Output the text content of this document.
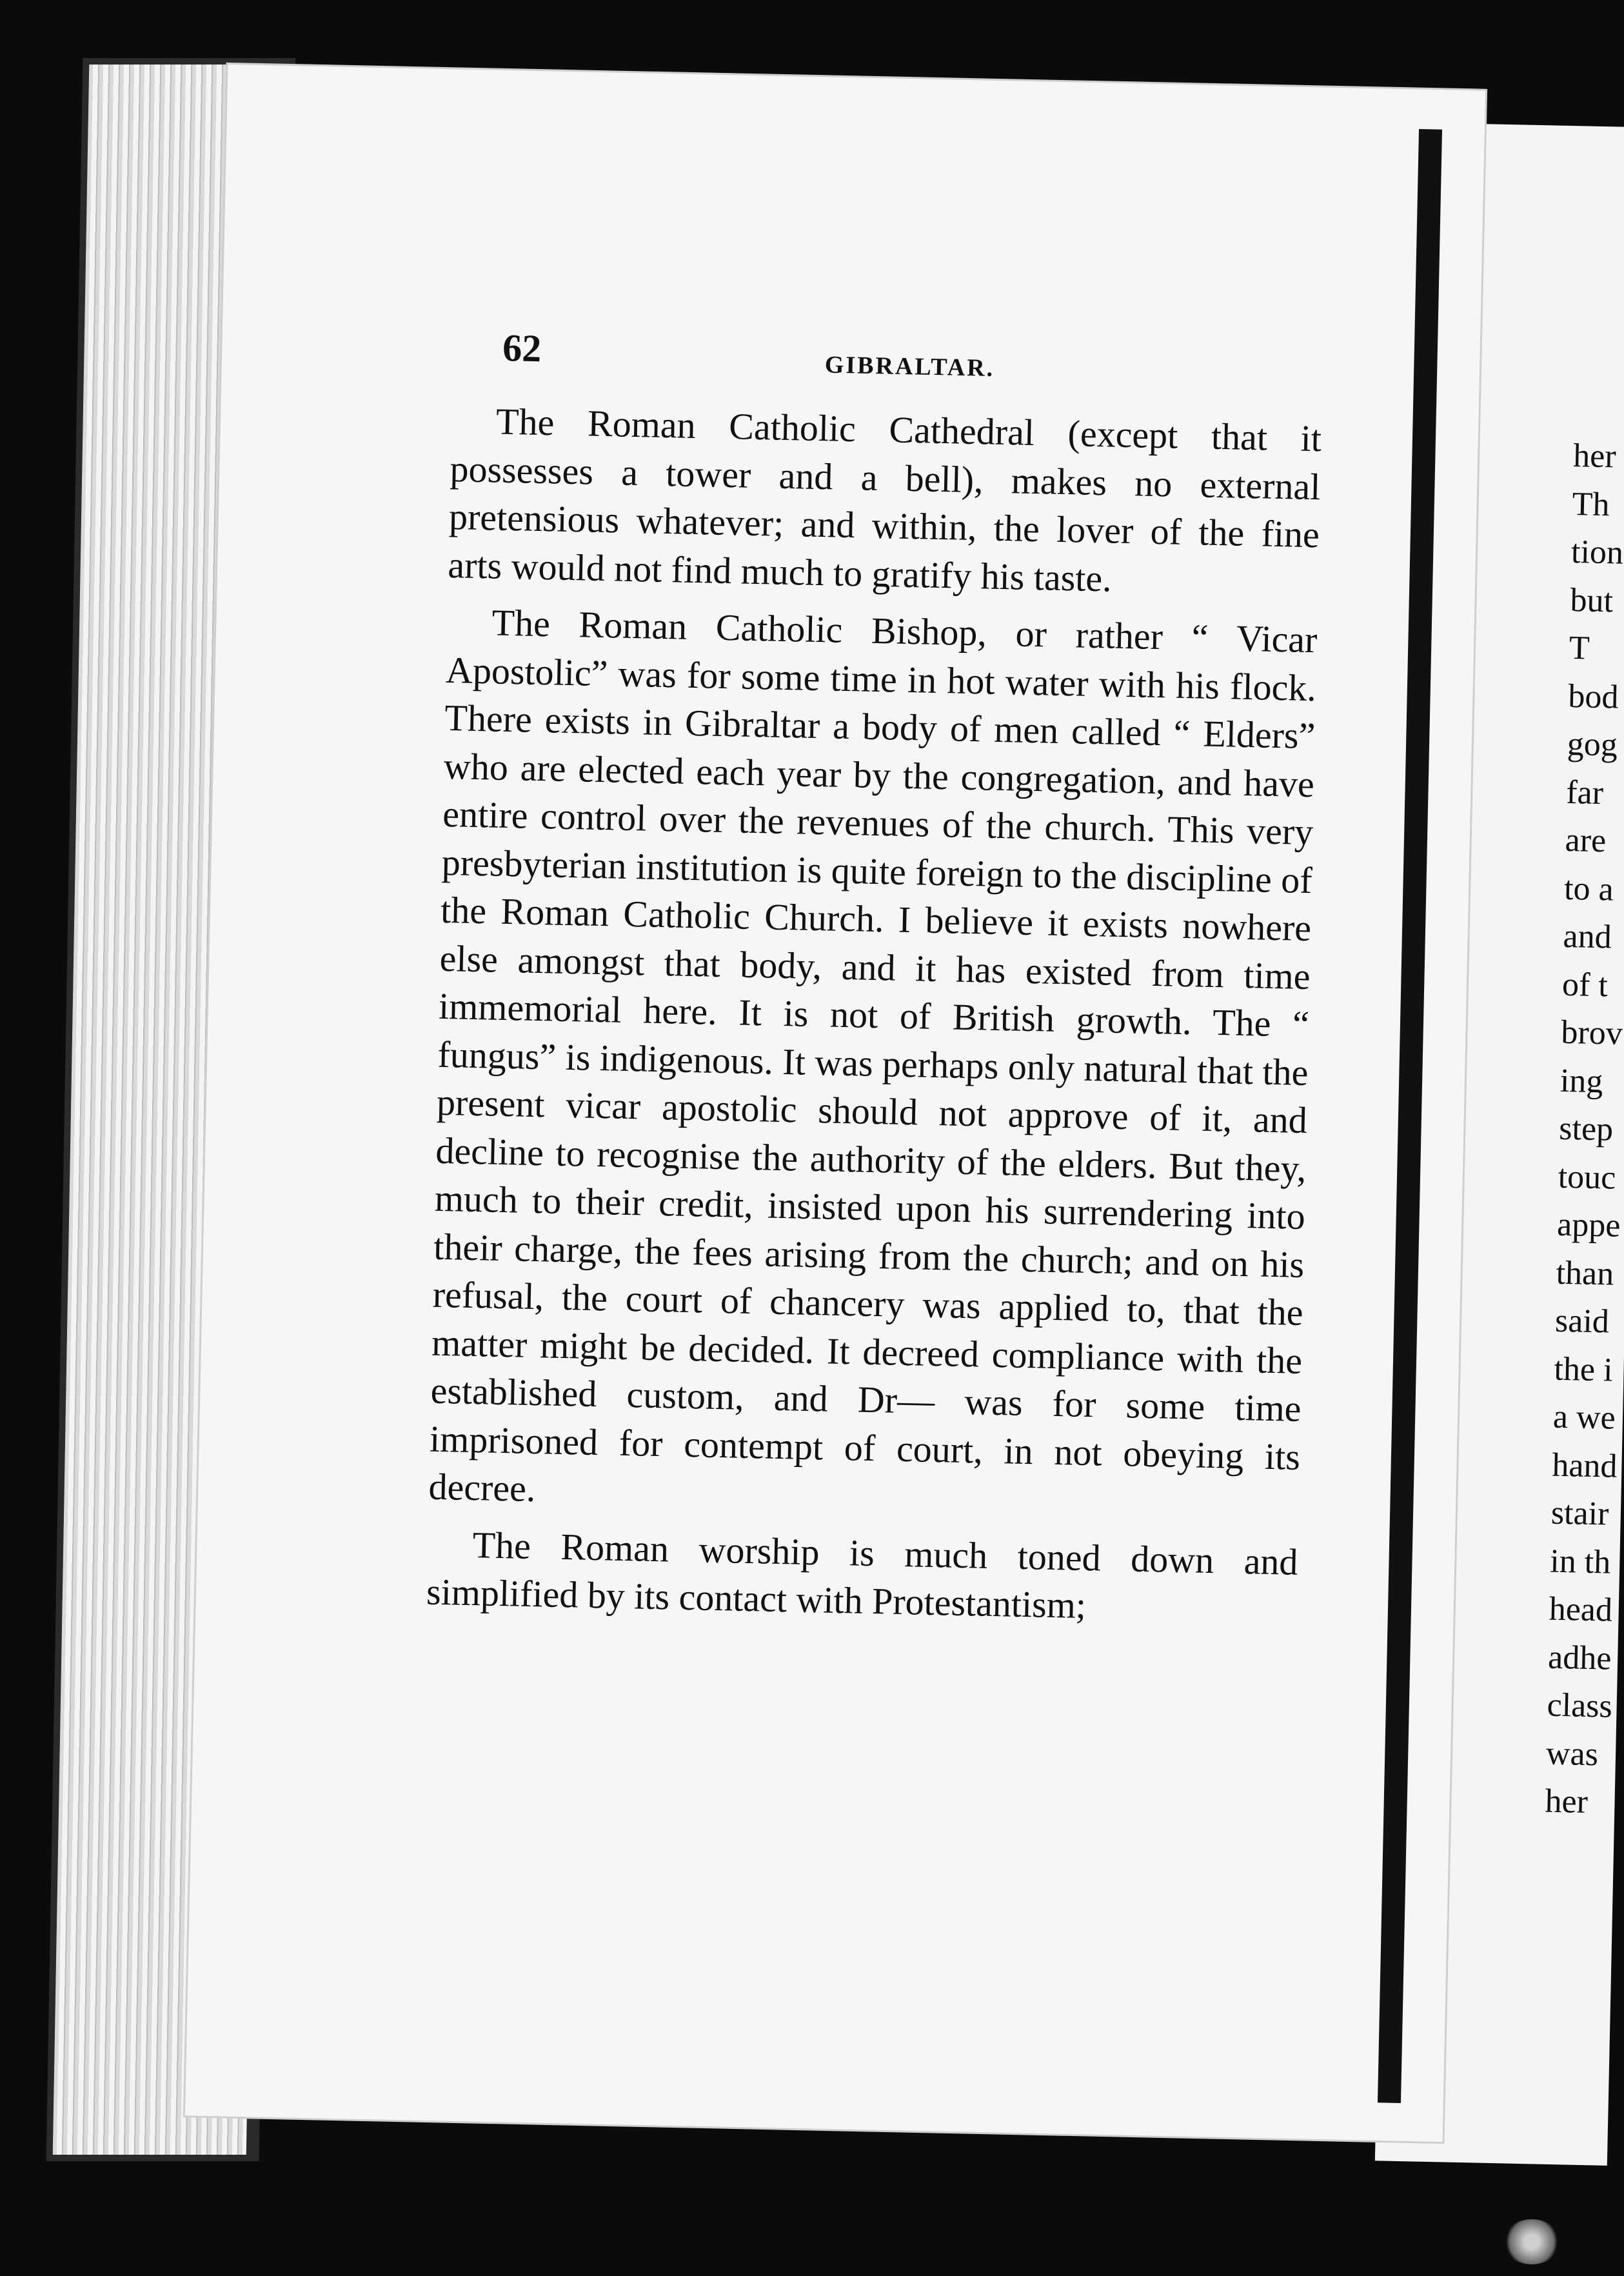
62	GIBRALTAR.

The Roman Catholic Cathedral (except that it possesses a tower and a bell), makes no external pretensious whatever; and within, the lover of the fine arts would not find much to gratify his taste.

The Roman Catholic Bishop, or rather “ Vicar Apostolic” was for some time in hot water with his flock. There exists in Gibraltar a body of men called “ Elders” who are elected each year by the congregation, and have entire control over the revenues of the church. This very presbyterian institution is quite foreign to the discipline of the Roman Catholic Church. I believe it exists nowhere else amongst that body, and it has existed from time immemorial here. It is not of British growth. The “ fungus” is indigenous. It was perhaps only natural that the present vicar apostolic should not approve of it, and decline to recognise the authority of the elders. But they, much to their credit, insisted upon his surrendering into their charge, the fees arising from the church; and on his refusal, the court of chancery was applied to, that the matter might be decided. It decreed compliance with the established custom, and Dr— was for some time imprisoned for contempt of court, in not obeying its decree.

The Roman worship is much toned down and simplified by its contact with Protestantism;

her
Th
tion
but
T
bod
gog
far
are
to a
and
of t
brov
ing
step
touc
appe
than
said
the i
a we
hand
stair
in th
head
adhe
class
was
her
